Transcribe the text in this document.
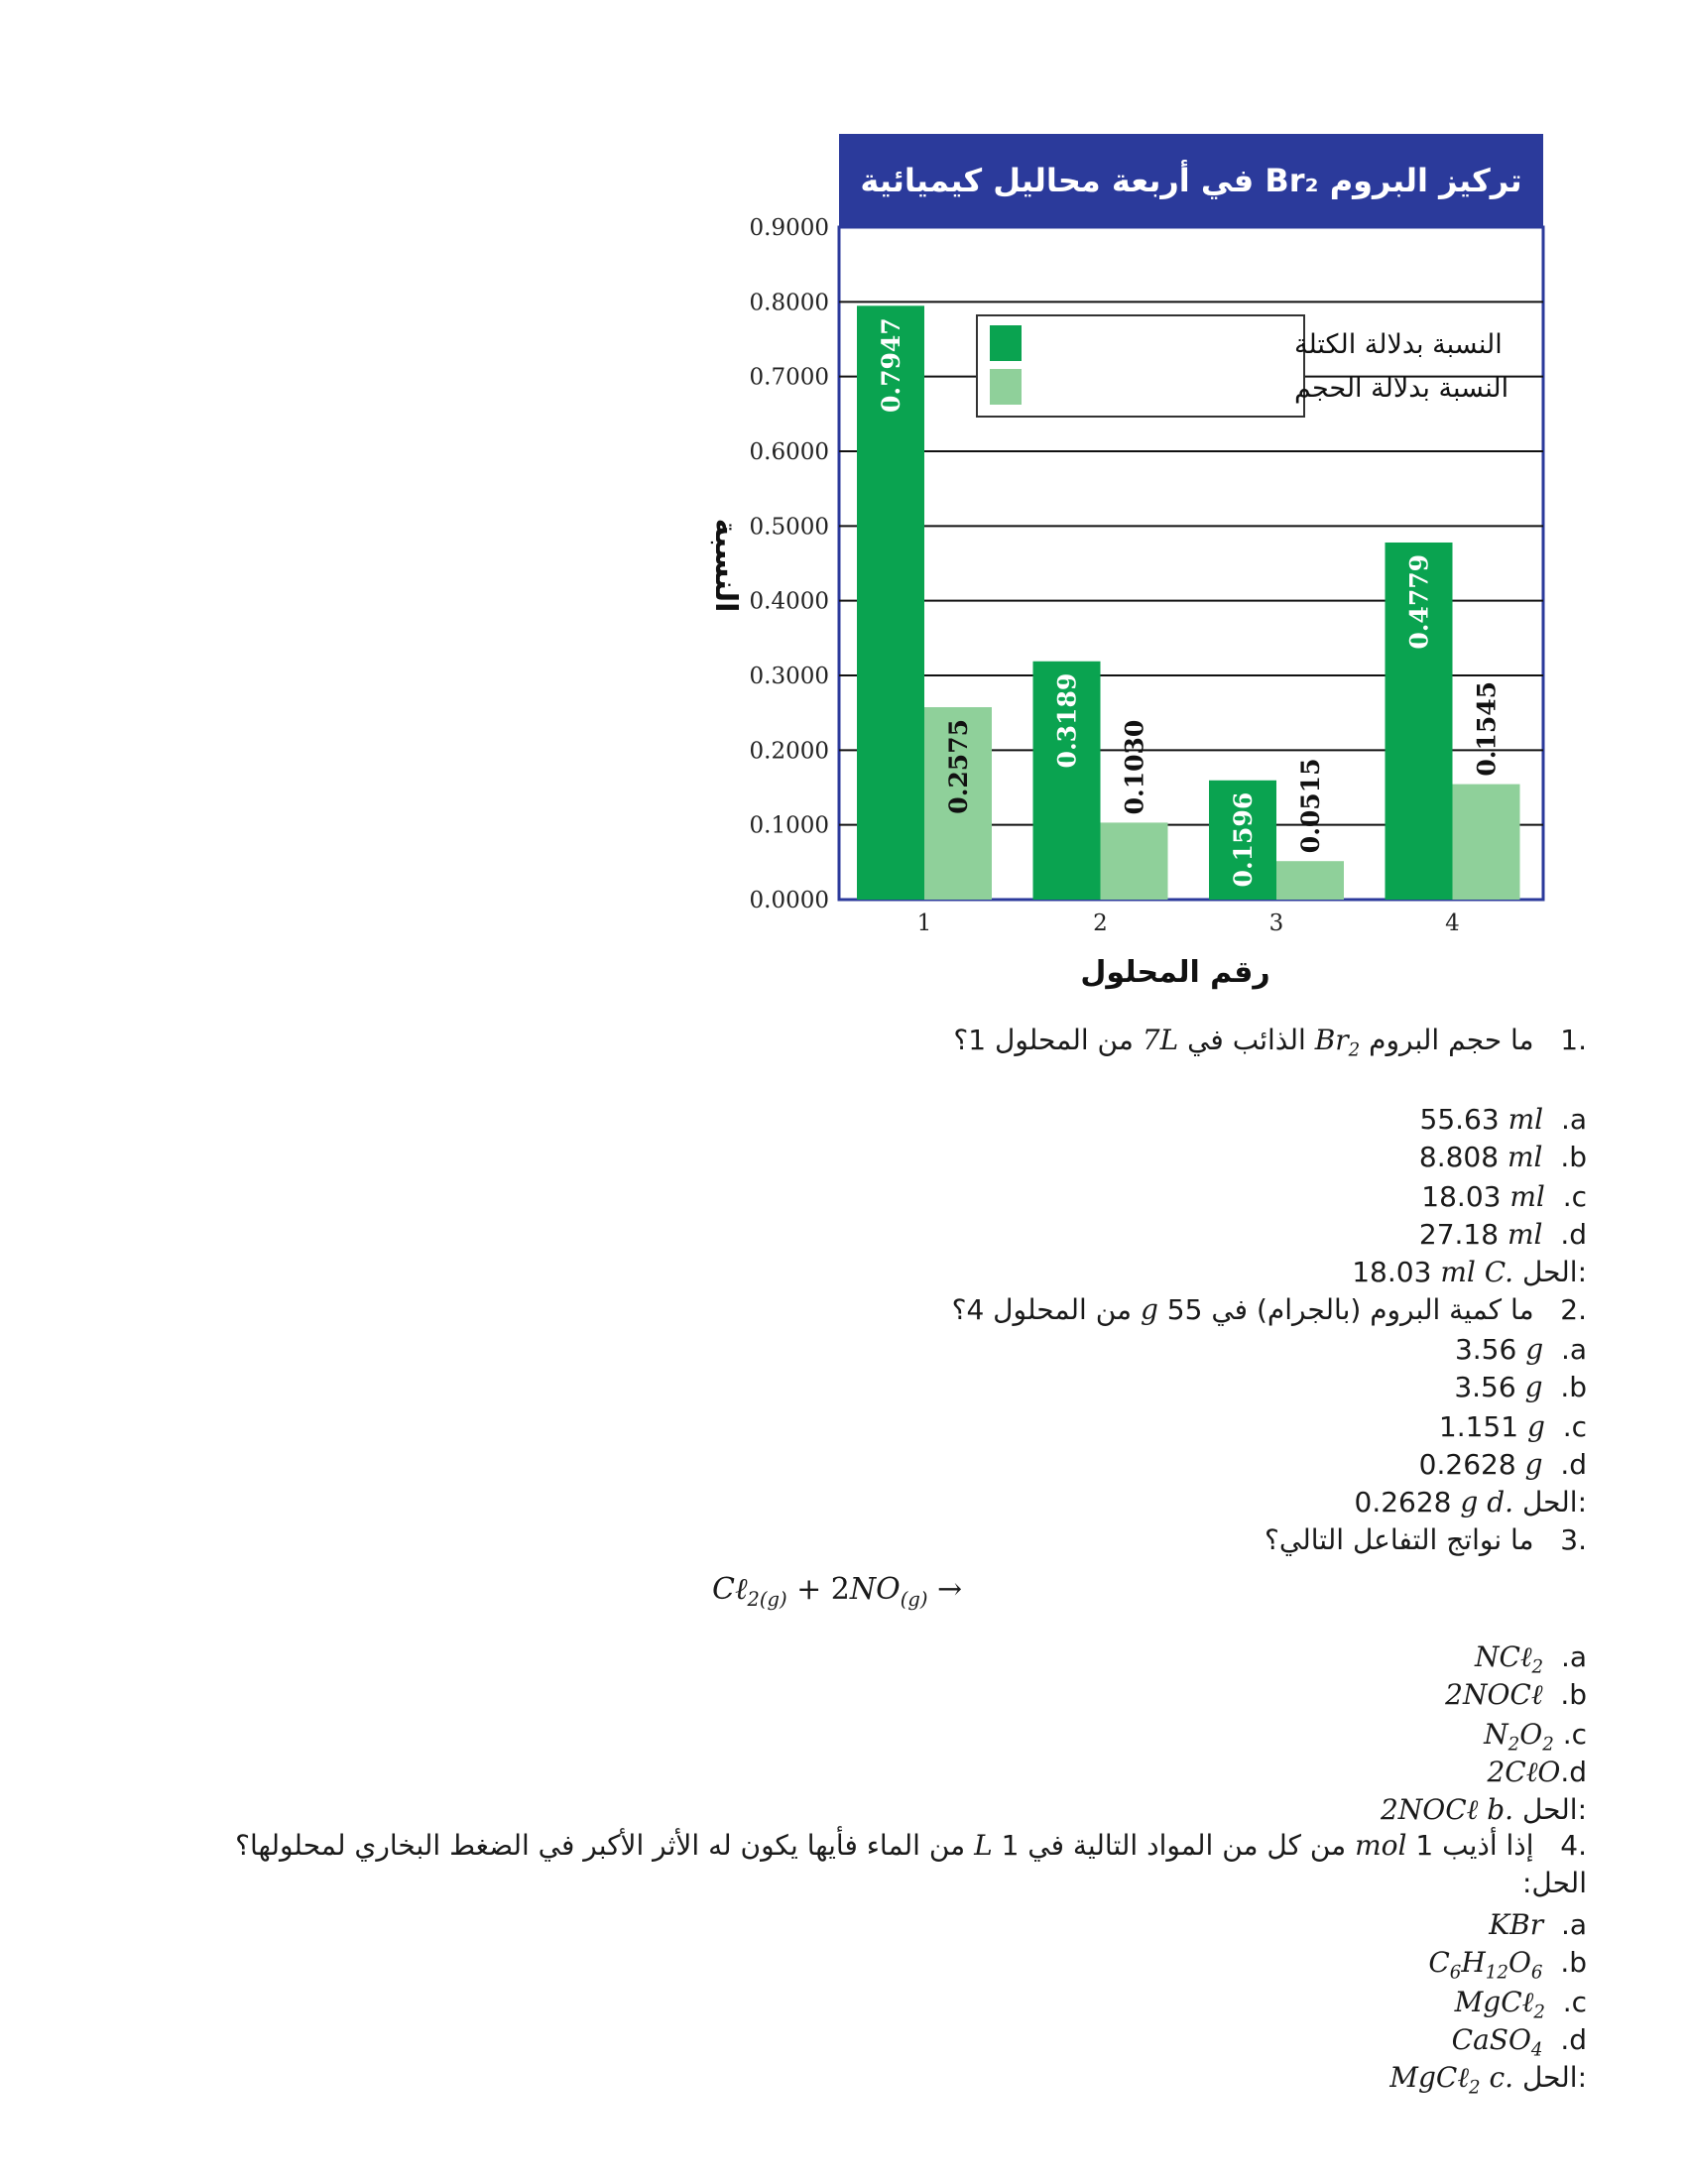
تركيز البروم Br₂ في أربعة محاليل كيميائية
0.0000
0.1000
0.2000
0.3000
0.4000
0.5000
0.6000
0.7000
0.8000
0.9000
0.7947
0.2575	0.3189 0.1030
0.1596 0.0515
0.4779
0.1545
1	2	3	4
النسبة
رقم المحلول
النسبة بدلالة الكتلة
النسبة بدلالة الحجم
.1   ما حجم البروم $Br_2$ الذائب في 7L من المحلول 1؟
55.63 ml .a
8.808 ml .b
18.03 ml .c
27.18 ml .d
18.03 ml C. الحل:
.2   ما كمية البروم (بالجرام) في 55 g من المحلول 4؟
3.56 g .a
3.56 g .b
1.151 g .c
0.2628 g .d
0.2628 g d. الحل:
.3   ما نواتج التفاعل التالي؟
Cℓ$_{2(g)}$ + $2NO_{(g)}$ →
NCℓ$_2$ .a
2NOCℓ .b
$N_2O_2$ .c
2CℓO.d
2NOCℓ b. الحل:
.4   إذا أذيب 1 mol من كل من المواد التالية في 1 L من الماء فأيها يكون له الأثر الأكبر في الضغط البخاري لمحلولها؟
الحل:
KBr .a
$C_6H_{12}O_6$ .b
MgCℓ$_2$ .c
CaSO$_4$ .d
MgCℓ$_2$ c. الحل:
